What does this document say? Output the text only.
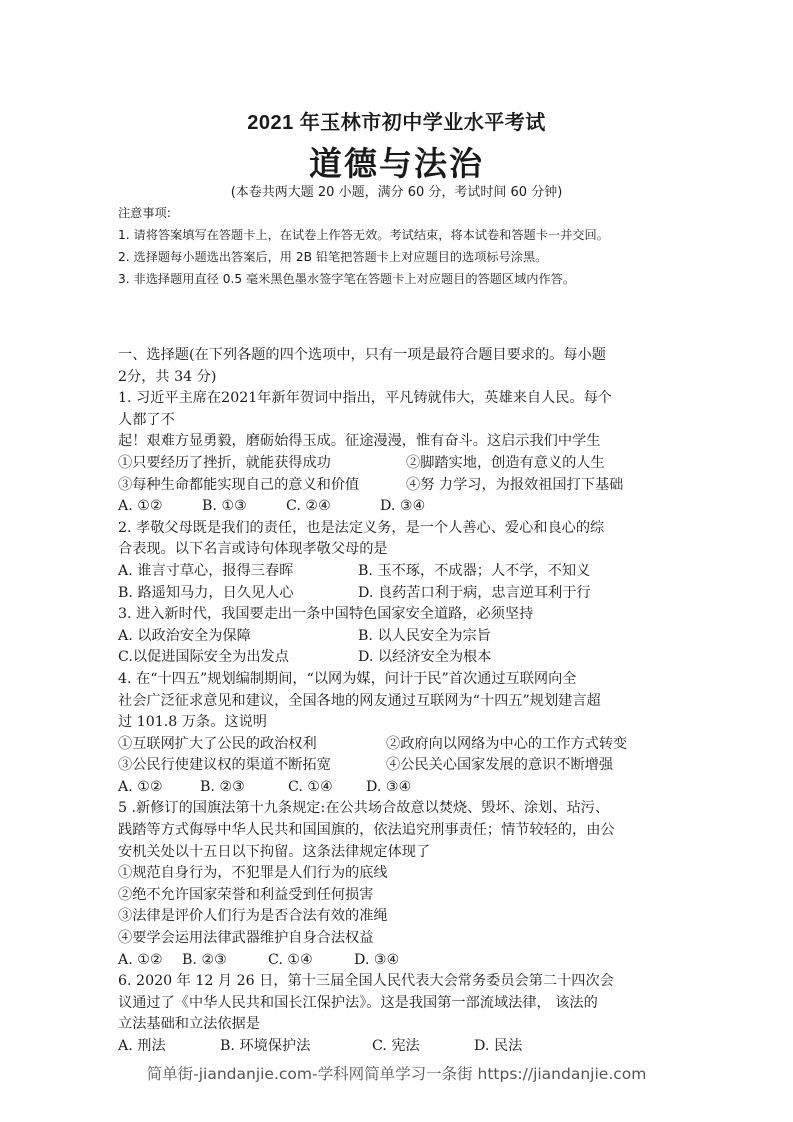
2021 年玉林市初中学业水平考试
道德与法治
(本卷共两大题 20 小题，满分 60 分，考试时间 60 分钟)
注意事项:
1. 请将答案填写在答题卡上，在试卷上作答无效。考试结束，将本试卷和答题卡一并交回。
2. 选择题每小题选出答案后，用 2B 铅笔把答题卡上对应题目的选项标号涂黑。
3. 非选择题用直径 0.5 毫米黑色墨水签字笔在答题卡上对应题目的答题区域内作答。
一、选择题(在下列各题的四个选项中，只有一项是最符合题目要求的。每小题
2分，共 34 分)
1. 习近平主席在2021年新年贺词中指出，平凡铸就伟大，英雄来自人民。每个
人都了不
起！艰难方显勇毅，磨砺始得玉成。征途漫漫，惟有奋斗。这启示我们中学生
①只要经历了挫折，就能获得成功	②脚踏实地，创造有意义的人生
③每种生命都能实现自己的意义和价值	④努 力学习，为报效祖国打下基础
A. ①②	B. ①③	C. ②④	D. ③④
2. 孝敬父母既是我们的责任，也是法定义务，是一个人善心、爱心和良心的综
合表现。以下名言或诗句体现孝敬父母的是
A. 谁言寸草心，报得三春晖	B. 玉不琢，不成器；人不学，不知义
B. 路遥知马力，日久见人心	D. 良药苦口利于病，忠言逆耳利于行
3. 进入新时代，我国要走出一条中国特色国家安全道路，必须坚持
A. 以政治安全为保障	B. 以人民安全为宗旨
C.以促进国际安全为出发点	D. 以经济安全为根本
4. 在“十四五”规划编制期间，“以网为媒，问计于民”首次通过互联网向全
社会广泛征求意见和建议，全国各地的网友通过互联网为“十四五”规划建言超
过 101.8 万条。这说明
①互联网扩大了公民的政治权利	②政府向以网络为中心的工作方式转变
③公民行使建议权的渠道不断拓宽	④公民关心国家发展的意识不断增强
A. ①②	B. ②③	C. ①④	D. ③④
5 .新修订的国旗法第十九条规定:在公共场合故意以焚烧、毁坏、涂划、玷污、
践踏等方式侮辱中华人民共和国国旗的，依法追究刑事责任；情节较轻的，由公
安机关处以十五日以下拘留。这条法律规定体现了
①规范自身行为，不犯罪是人们行为的底线
②绝不允许国家荣誉和利益受到任何损害
③法律是评价人们行为是否合法有效的准绳
④要学会运用法律武器维护自身合法权益
A. ①②	B. ②③	C. ①④	D. ③④
6. 2020 年 12 月 26 日，第十三届全国人民代表大会常务委员会第二十四次会
议通过了《中华人民共和国长江保护法》。这是我国第一部流域法律， 该法的
立法基础和立法依据是
A. 刑法	B. 环境保护法	C. 宪法	D. 民法
简单街-jiandanjie.com-学科网简单学习一条街 https://jiandanjie.com
